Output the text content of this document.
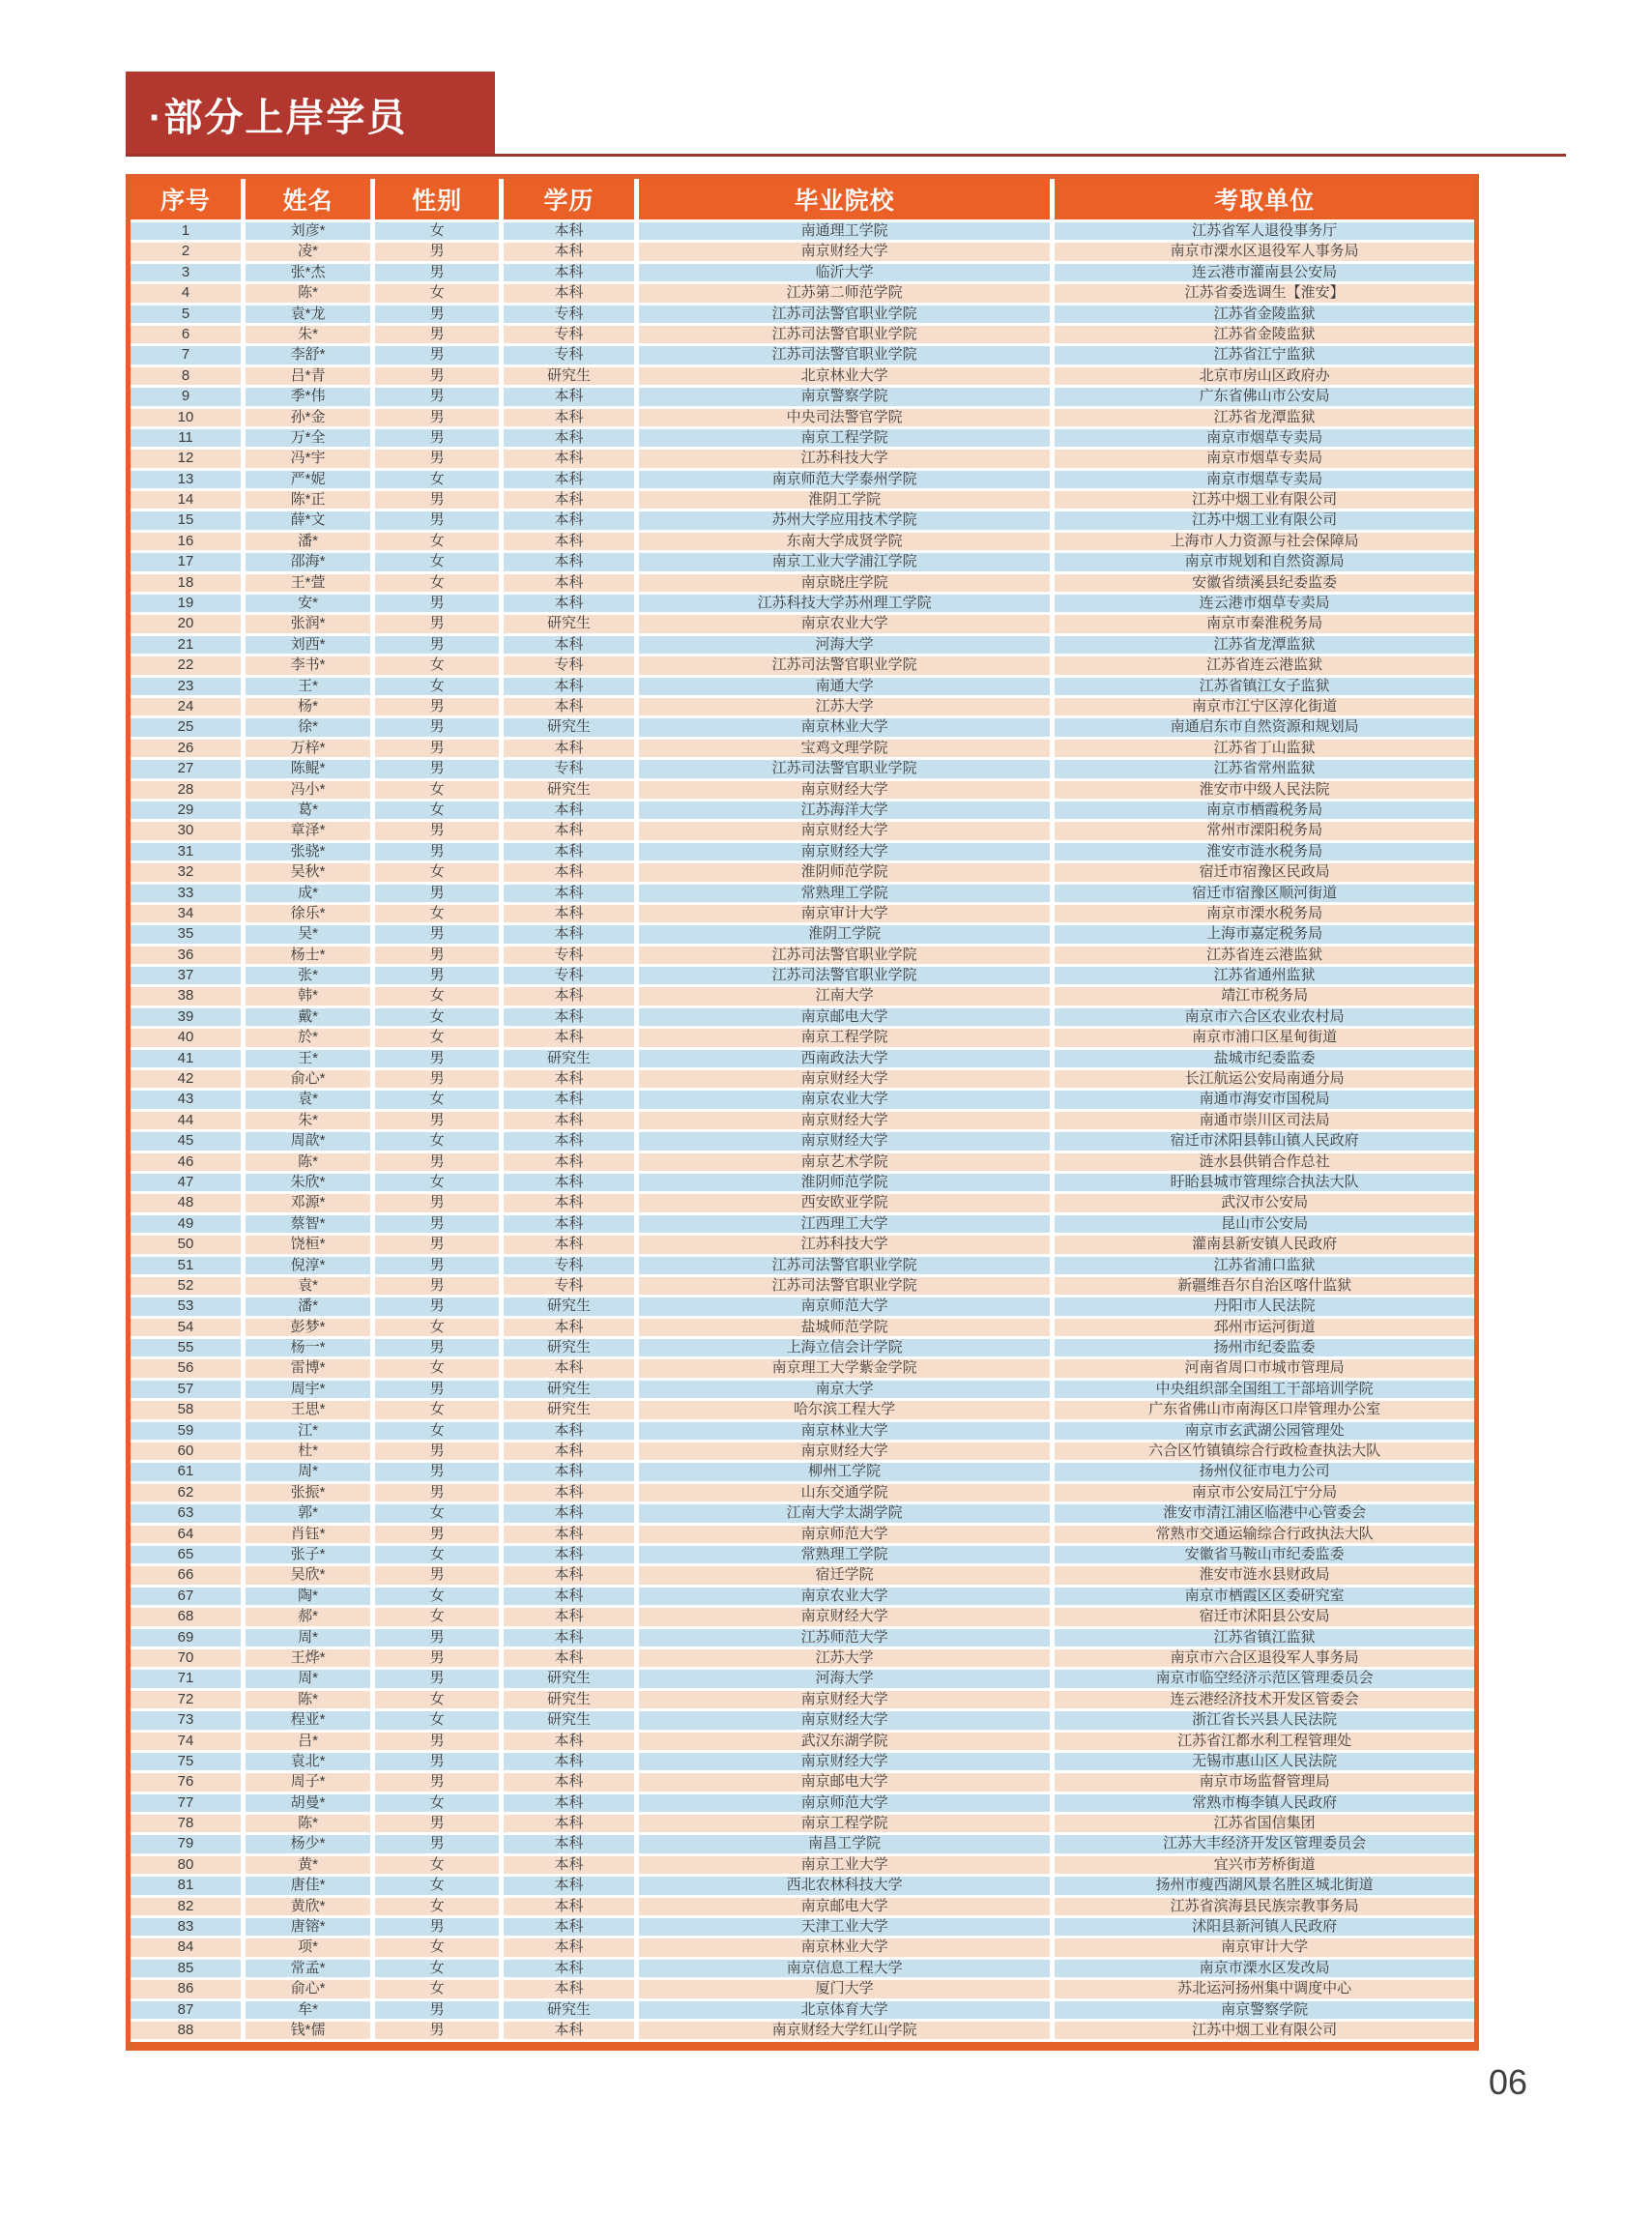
·部分上岸学员
序号	姓名	性别	学历	毕业院校	考取单位
1	刘彦*	女	本科	南通理工学院	江苏省军人退役事务厅
2	凌*	男	本科	南京财经大学	南京市溧水区退役军人事务局
3	张*杰	男	本科	临沂大学	连云港市灌南县公安局
4	陈*	女	本科	江苏第二师范学院	江苏省委选调生【淮安】
5	袁*龙	男	专科	江苏司法警官职业学院	江苏省金陵监狱
6	朱*	男	专科	江苏司法警官职业学院	江苏省金陵监狱
7	李舒*	男	专科	江苏司法警官职业学院	江苏省江宁监狱
8	吕*青	男	研究生	北京林业大学	北京市房山区政府办
9	季*伟	男	本科	南京警察学院	广东省佛山市公安局
10	孙*金	男	本科	中央司法警官学院	江苏省龙潭监狱
11	万*全	男	本科	南京工程学院	南京市烟草专卖局
12	冯*宇	男	本科	江苏科技大学	南京市烟草专卖局
13	严*妮	女	本科	南京师范大学泰州学院	南京市烟草专卖局
14	陈*正	男	本科	淮阴工学院	江苏中烟工业有限公司
15	薛*文	男	本科	苏州大学应用技术学院	江苏中烟工业有限公司
16	潘*	女	本科	东南大学成贤学院	上海市人力资源与社会保障局
17	邵海*	女	本科	南京工业大学浦江学院	南京市规划和自然资源局
18	王*萱	女	本科	南京晓庄学院	安徽省绩溪县纪委监委
19	安*	男	本科	江苏科技大学苏州理工学院	连云港市烟草专卖局
20	张润*	男	研究生	南京农业大学	南京市秦淮税务局
21	刘西*	男	本科	河海大学	江苏省龙潭监狱
22	李书*	女	专科	江苏司法警官职业学院	江苏省连云港监狱
23	王*	女	本科	南通大学	江苏省镇江女子监狱
24	杨*	男	本科	江苏大学	南京市江宁区淳化街道
25	徐*	男	研究生	南京林业大学	南通启东市自然资源和规划局
26	万梓*	男	本科	宝鸡文理学院	江苏省丁山监狱
27	陈鲲*	男	专科	江苏司法警官职业学院	江苏省常州监狱
28	冯小*	女	研究生	南京财经大学	淮安市中级人民法院
29	葛*	女	本科	江苏海洋大学	南京市栖霞税务局
30	章泽*	男	本科	南京财经大学	常州市溧阳税务局
31	张骁*	男	本科	南京财经大学	淮安市涟水税务局
32	吴秋*	女	本科	淮阴师范学院	宿迁市宿豫区民政局
33	成*	男	本科	常熟理工学院	宿迁市宿豫区顺河街道
34	徐乐*	女	本科	南京审计大学	南京市溧水税务局
35	吴*	男	本科	淮阴工学院	上海市嘉定税务局
36	杨士*	男	专科	江苏司法警官职业学院	江苏省连云港监狱
37	张*	男	专科	江苏司法警官职业学院	江苏省通州监狱
38	韩*	女	本科	江南大学	靖江市税务局
39	戴*	女	本科	南京邮电大学	南京市六合区农业农村局
40	於*	女	本科	南京工程学院	南京市浦口区星甸街道
41	王*	男	研究生	西南政法大学	盐城市纪委监委
42	俞心*	男	本科	南京财经大学	长江航运公安局南通分局
43	袁*	女	本科	南京农业大学	南通市海安市国税局
44	朱*	男	本科	南京财经大学	南通市崇川区司法局
45	周歆*	女	本科	南京财经大学	宿迁市沭阳县韩山镇人民政府
46	陈*	男	本科	南京艺术学院	涟水县供销合作总社
47	朱欣*	女	本科	淮阴师范学院	盱眙县城市管理综合执法大队
48	邓源*	男	本科	西安欧亚学院	武汉市公安局
49	蔡智*	男	本科	江西理工大学	昆山市公安局
50	饶桓*	男	本科	江苏科技大学	灌南县新安镇人民政府
51	倪淳*	男	专科	江苏司法警官职业学院	江苏省浦口监狱
52	袁*	男	专科	江苏司法警官职业学院	新疆维吾尔自治区喀什监狱
53	潘*	男	研究生	南京师范大学	丹阳市人民法院
54	彭梦*	女	本科	盐城师范学院	邳州市运河街道
55	杨一*	男	研究生	上海立信会计学院	扬州市纪委监委
56	雷博*	女	本科	南京理工大学紫金学院	河南省周口市城市管理局
57	周宇*	男	研究生	南京大学	中央组织部全国组工干部培训学院
58	王思*	女	研究生	哈尔滨工程大学	广东省佛山市南海区口岸管理办公室
59	江*	女	本科	南京林业大学	南京市玄武湖公园管理处
60	杜*	男	本科	南京财经大学	六合区竹镇镇综合行政检查执法大队
61	周*	男	本科	柳州工学院	扬州仪征市电力公司
62	张振*	男	本科	山东交通学院	南京市公安局江宁分局
63	郭*	女	本科	江南大学太湖学院	淮安市清江浦区临港中心管委会
64	肖钰*	男	本科	南京师范大学	常熟市交通运输综合行政执法大队
65	张子*	女	本科	常熟理工学院	安徽省马鞍山市纪委监委
66	吴欣*	男	本科	宿迁学院	淮安市涟水县财政局
67	陶*	女	本科	南京农业大学	南京市栖霞区区委研究室
68	郝*	女	本科	南京财经大学	宿迁市沭阳县公安局
69	周*	男	本科	江苏师范大学	江苏省镇江监狱
70	王烨*	男	本科	江苏大学	南京市六合区退役军人事务局
71	周*	男	研究生	河海大学	南京市临空经济示范区管理委员会
72	陈*	女	研究生	南京财经大学	连云港经济技术开发区管委会
73	程亚*	女	研究生	南京财经大学	浙江省长兴县人民法院
74	吕*	男	本科	武汉东湖学院	江苏省江都水利工程管理处
75	袁北*	男	本科	南京财经大学	无锡市惠山区人民法院
76	周子*	男	本科	南京邮电大学	南京市场监督管理局
77	胡曼*	女	本科	南京师范大学	常熟市梅李镇人民政府
78	陈*	男	本科	南京工程学院	江苏省国信集团
79	杨少*	男	本科	南昌工学院	江苏大丰经济开发区管理委员会
80	黄*	女	本科	南京工业大学	宜兴市芳桥街道
81	唐佳*	女	本科	西北农林科技大学	扬州市瘦西湖风景名胜区城北街道
82	黄欣*	女	本科	南京邮电大学	江苏省滨海县民族宗教事务局
83	唐镕*	男	本科	天津工业大学	沭阳县新河镇人民政府
84	项*	女	本科	南京林业大学	南京审计大学
85	常孟*	女	本科	南京信息工程大学	南京市溧水区发改局
86	俞心*	女	本科	厦门大学	苏北运河扬州集中调度中心
87	牟*	男	研究生	北京体育大学	南京警察学院
88	钱*儒	男	本科	南京财经大学红山学院	江苏中烟工业有限公司
06
